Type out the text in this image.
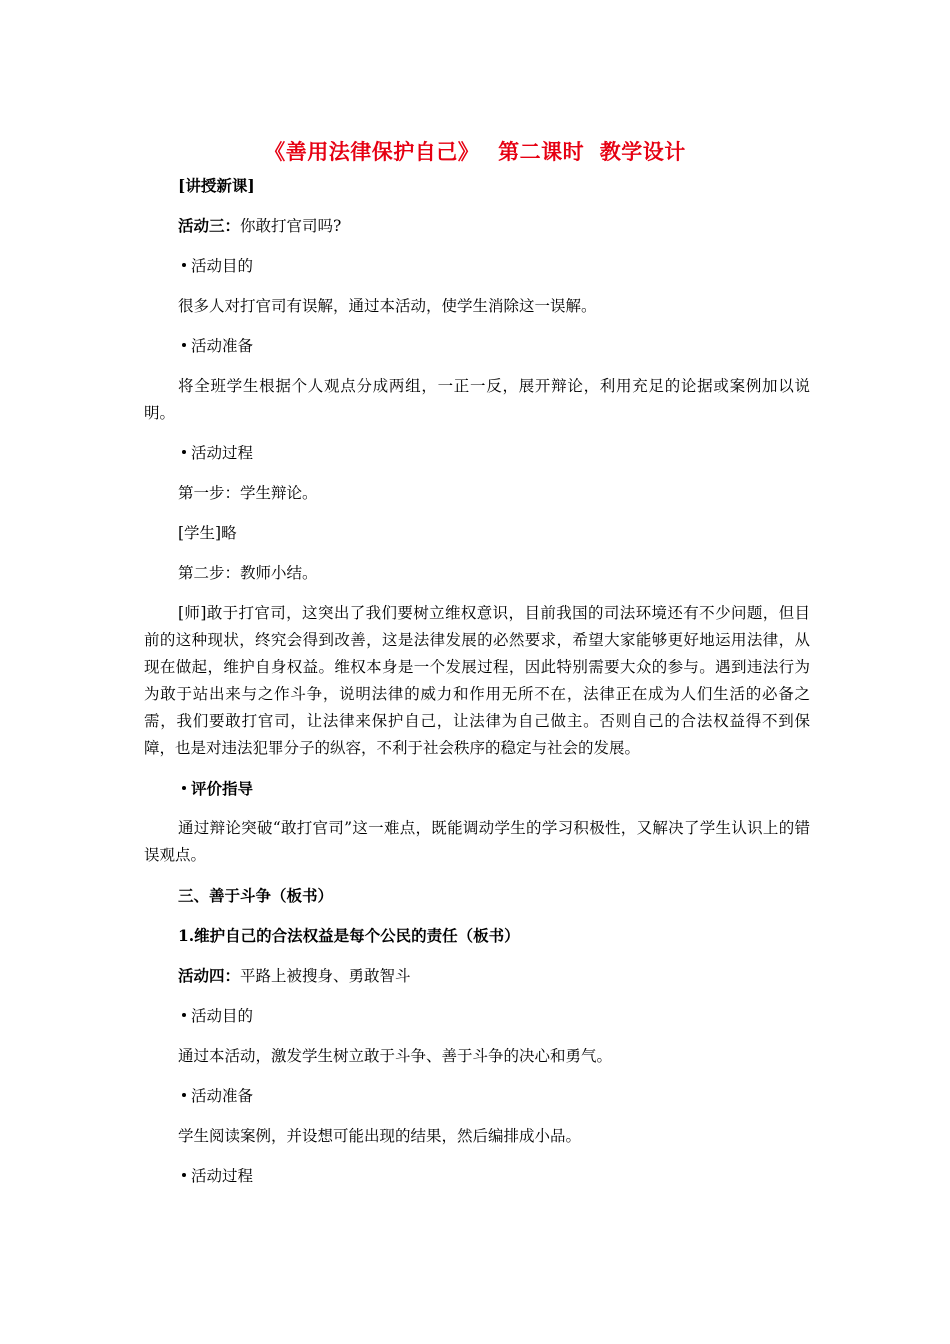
《善用法律保护自己》　 第二课时  教学设计

[讲授新课]

活动三：你敢打官司吗?

活动目的

很多人对打官司有误解，通过本活动，使学生消除这一误解。

活动准备

将全班学生根据个人观点分成两组，一正一反，展开辩论，利用充足的论据或案例加以说明。

活动过程

第一步：学生辩论。

[学生]略

第二步：教师小结。

[师]敢于打官司，这突出了我们要树立维权意识，目前我国的司法环境还有不少问题，但目前的这种现状，终究会得到改善，这是法律发展的必然要求，希望大家能够更好地运用法律，从现在做起，维护自身权益。维权本身是一个发展过程，因此特别需要大众的参与。遇到违法行为为敢于站出来与之作斗争，说明法律的威力和作用无所不在，法律正在成为人们生活的必备之需，我们要敢打官司，让法律来保护自己，让法律为自己做主。否则自己的合法权益得不到保障，也是对违法犯罪分子的纵容，不利于社会秩序的稳定与社会的发展。

评价指导

通过辩论突破“敢打官司”这一难点，既能调动学生的学习积极性，又解决了学生认识上的错误观点。

三、善于斗争（板书）

1.维护自己的合法权益是每个公民的责任（板书）

活动四：平路上被搜身、勇敢智斗

活动目的

通过本活动，激发学生树立敢于斗争、善于斗争的决心和勇气。

活动准备

学生阅读案例，并设想可能出现的结果，然后编排成小品。

活动过程
